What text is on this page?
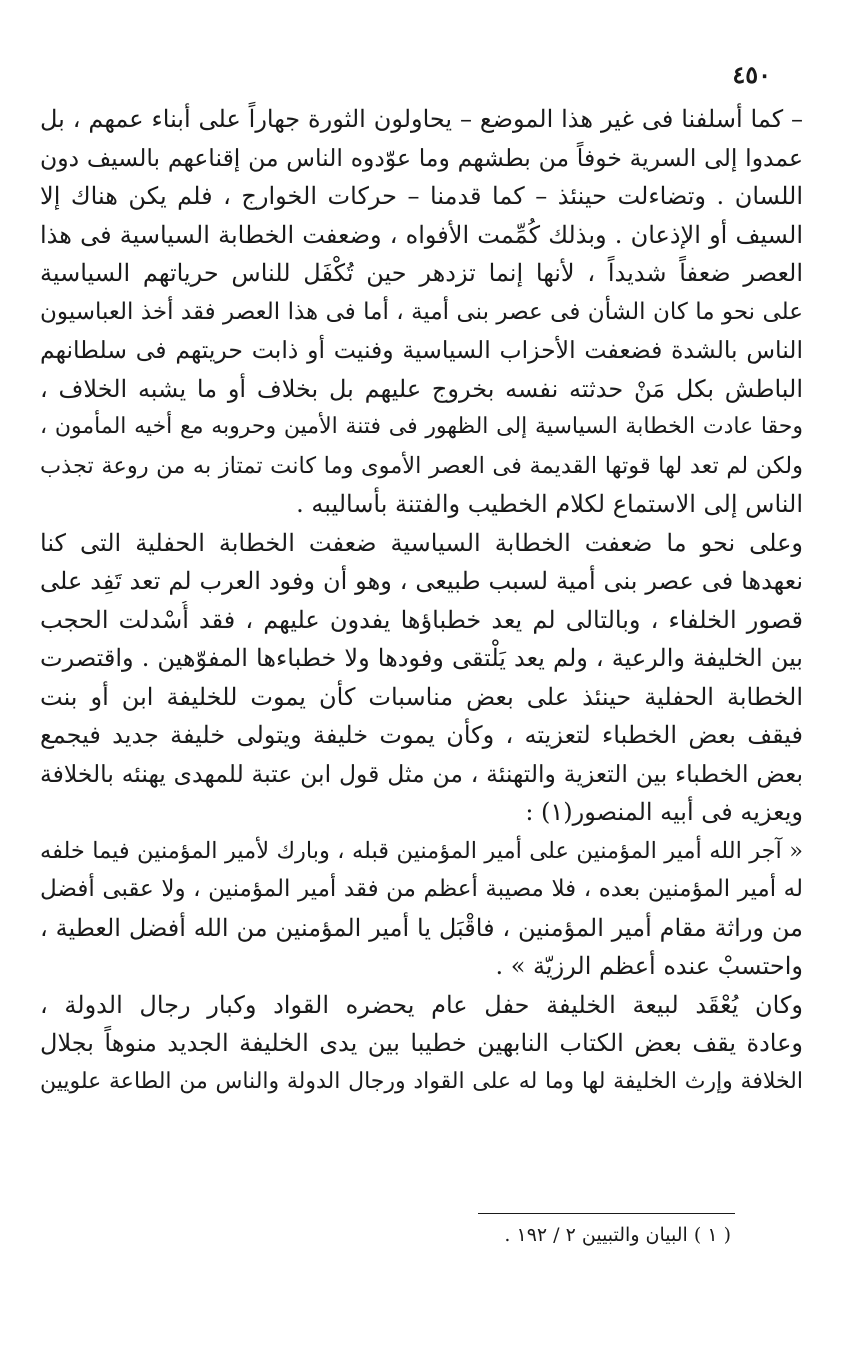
٤٥٠
– كما أسلفنا فى غير هذا الموضع – يحاولون الثورة جهاراً على أبناء عمهم ، بل
عمدوا إلى السرية خوفاً من بطشهم وما عوّدوه الناس من إقناعهم بالسيف دون
اللسان . وتضاءلت حينئذ – كما قدمنا – حركات الخوارج ، فلم يكن هناك إلا
السيف أو الإذعان . وبذلك كُمِّمت الأفواه ، وضعفت الخطابة السياسية فى هذا
العصر ضعفاً شديداً ، لأنها إنما تزدهر حين تُكْفَل للناس حرياتهم السياسية
على نحو ما كان الشأن فى عصر بنى أمية ، أما فى هذا العصر فقد أخذ العباسيون
الناس بالشدة فضعفت الأحزاب السياسية وفنيت أو ذابت حريتهم فى سلطانهم
الباطش بكل مَنْ حدثته نفسه بخروج عليهم بل بخلاف أو ما يشبه الخلاف ،
وحقا عادت الخطابة السياسية إلى الظهور فى فتنة الأمين وحروبه مع أخيه المأمون ،
ولكن لم تعد لها قوتها القديمة فى العصر الأموى وما كانت تمتاز به من روعة تجذب
الناس إلى الاستماع لكلام الخطيب والفتنة بأساليبه .
وعلى نحو ما ضعفت الخطابة السياسية ضعفت الخطابة الحفلية التى كنا
نعهدها فى عصر بنى أمية لسبب طبيعى ، وهو أن وفود العرب لم تعد تَفِد على
قصور الخلفاء ، وبالتالى لم يعد خطباؤها يفدون عليهم ، فقد أُسْدلت الحجب
بين الخليفة والرعية ، ولم يعد يَلْتقى وفودها ولا خطباءها المفوّهين . واقتصرت
الخطابة الحفلية حينئذ على بعض مناسبات كأن يموت للخليفة ابن أو بنت
فيقف بعض الخطباء لتعزيته ، وكأن يموت خليفة ويتولى خليفة جديد فيجمع
بعض الخطباء بين التعزية والتهنئة ، من مثل قول ابن عتبة للمهدى يهنئه بالخلافة
ويعزيه فى أبيه المنصور(١) :
« آجر الله أمير المؤمنين على أمير المؤمنين قبله ، وبارك لأمير المؤمنين فيما خلفه
له أمير المؤمنين بعده ، فلا مصيبة أعظم من فقد أمير المؤمنين ، ولا عقبى أفضل
من وراثة مقام أمير المؤمنين ، فاقْبَل يا أمير المؤمنين من الله أفضل العطية ،
واحتسبْ عنده أعظم الرزيّة » .
وكان يُعْقَد لبيعة الخليفة حفل عام يحضره القواد وكبار رجال الدولة ،
وعادة يقف بعض الكتاب النابهين خطيبا بين يدى الخليفة الجديد منوهاً بجلال
الخلافة وإرث الخليفة لها وما له على القواد ورجال الدولة والناس من الطاعة علويين
( ١ ) البيان والتبيين ٢ / ١٩٢ .
